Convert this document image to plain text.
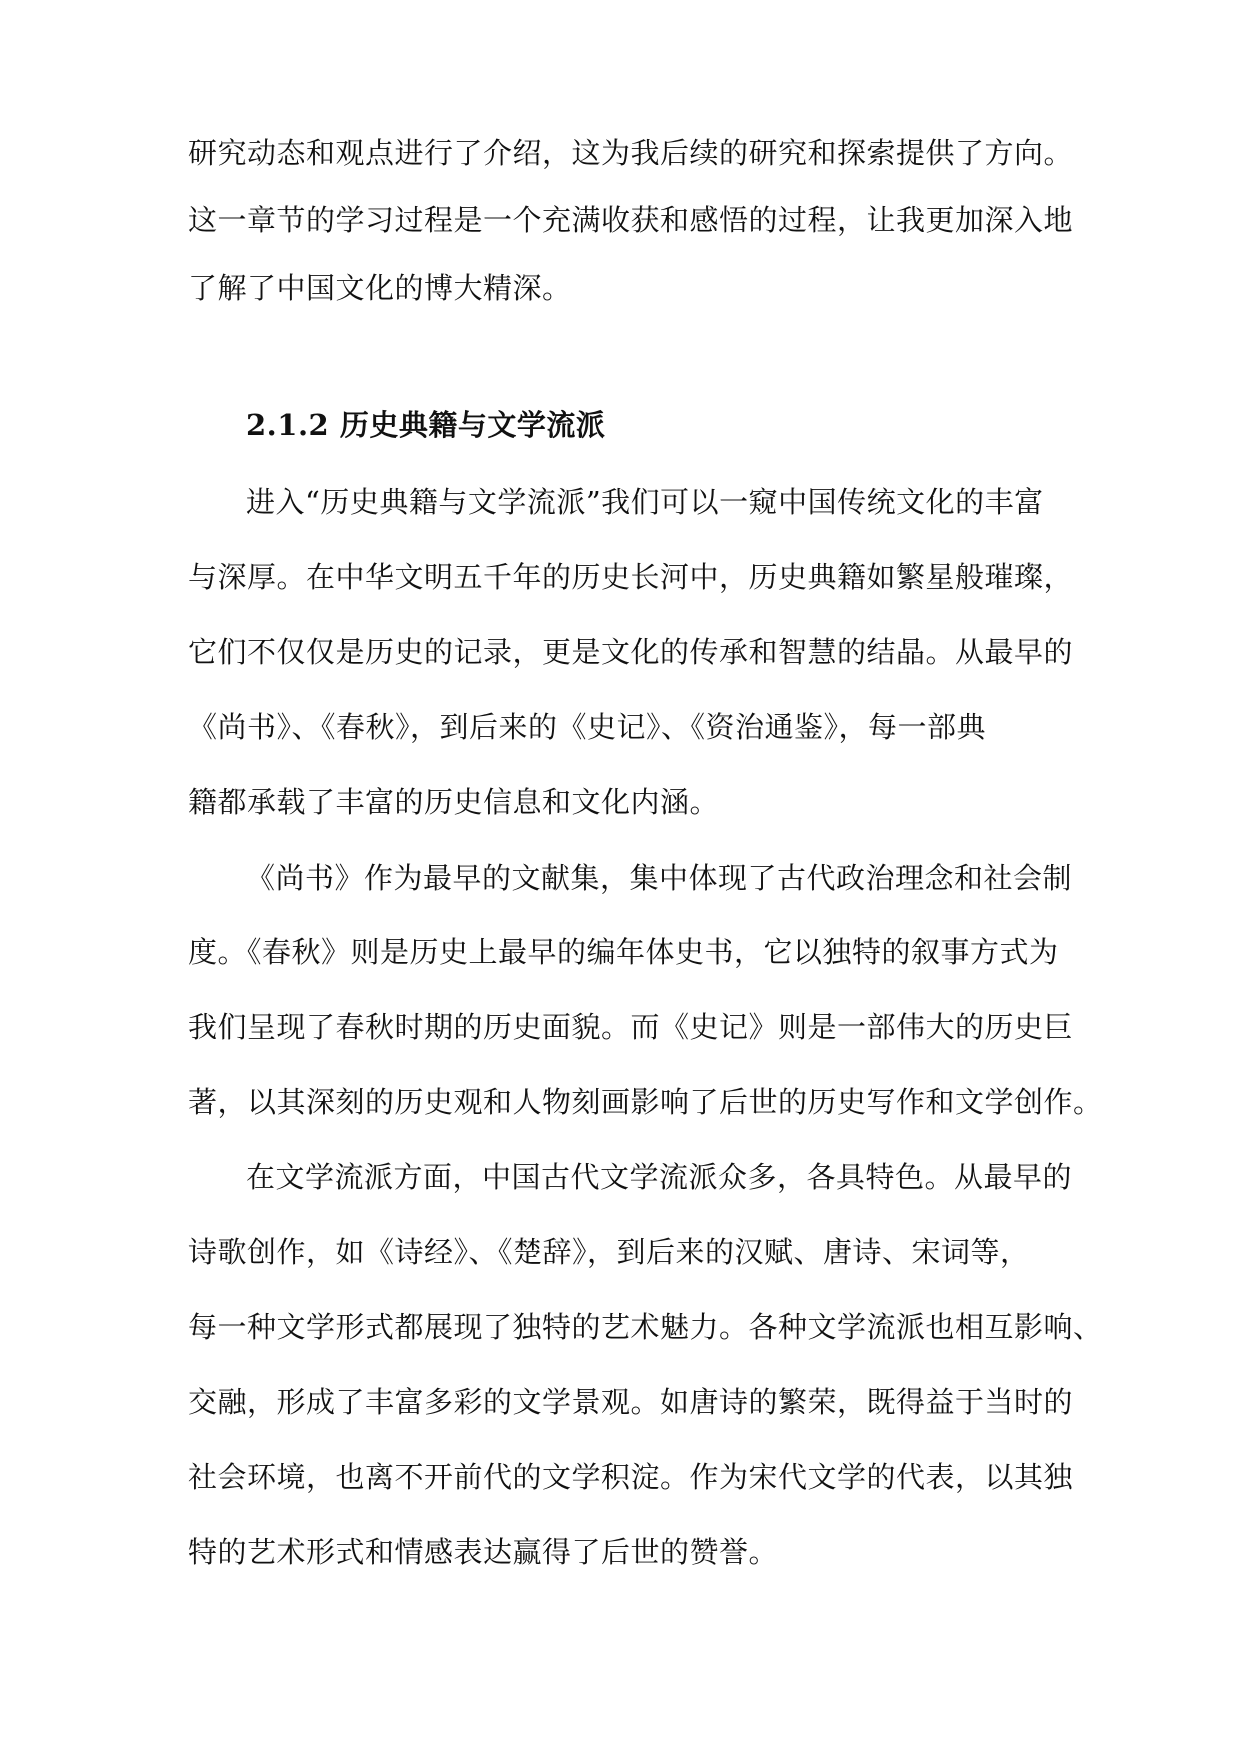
研究动态和观点进行了介绍，这为我后续的研究和探索提供了方向。
这一章节的学习过程是一个充满收获和感悟的过程，让我更加深入地
了解了中国文化的博大精深。
2.1.2 历史典籍与文学流派
进入“历史典籍与文学流派”我们可以一窥中国传统文化的丰富
与深厚。在中华文明五千年的历史长河中，历史典籍如繁星般璀璨，
它们不仅仅是历史的记录，更是文化的传承和智慧的结晶。从最早的
《尚书》、《春秋》，到后来的《史记》、《资治通鉴》，每一部典
籍都承载了丰富的历史信息和文化内涵。
《尚书》作为最早的文献集，集中体现了古代政治理念和社会制
度。《春秋》则是历史上最早的编年体史书，它以独特的叙事方式为
我们呈现了春秋时期的历史面貌。而《史记》则是一部伟大的历史巨
著，以其深刻的历史观和人物刻画影响了后世的历史写作和文学创作。
在文学流派方面，中国古代文学流派众多，各具特色。从最早的
诗歌创作，如《诗经》、《楚辞》，到后来的汉赋、唐诗、宋词等，
每一种文学形式都展现了独特的艺术魅力。各种文学流派也相互影响、
交融，形成了丰富多彩的文学景观。如唐诗的繁荣，既得益于当时的
社会环境，也离不开前代的文学积淀。作为宋代文学的代表，以其独
特的艺术形式和情感表达赢得了后世的赞誉。
